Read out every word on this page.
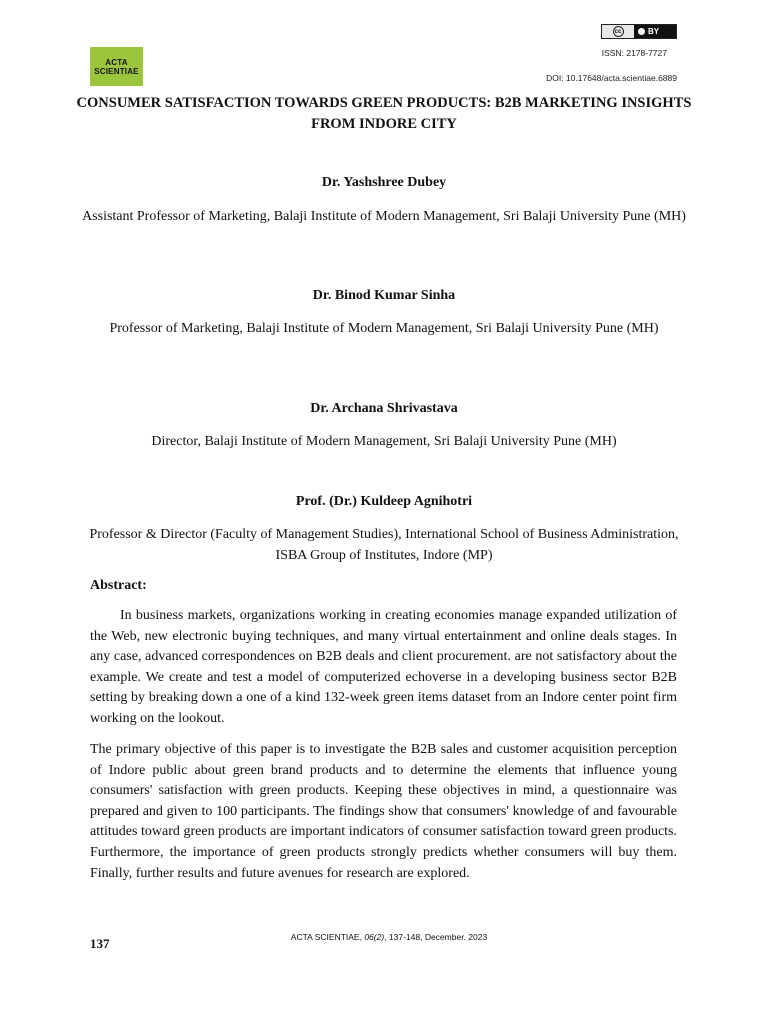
ACTA
SCIENTIAE
cc	BY
ISSN: 2178-7727
DOI: 10.17648/acta.scientiae.6889
CONSUMER SATISFACTION TOWARDS GREEN PRODUCTS: B2B MARKETING INSIGHTS FROM INDORE CITY
Dr. Yashshree Dubey
Assistant Professor of Marketing, Balaji Institute of Modern Management, Sri Balaji University Pune (MH)
Dr. Binod Kumar Sinha
Professor of Marketing, Balaji Institute of Modern Management, Sri Balaji University Pune (MH)
Dr. Archana Shrivastava
Director, Balaji Institute of Modern Management, Sri Balaji University Pune (MH)
Prof. (Dr.) Kuldeep Agnihotri
Professor & Director (Faculty of Management Studies), International School of Business Administration, ISBA Group of Institutes, Indore (MP)
Abstract:
In business markets, organizations working in creating economies manage expanded utilization of the Web, new electronic buying techniques, and many virtual entertainment and online deals stages. In any case, advanced correspondences on B2B deals and client procurement. are not satisfactory about the example. We create and test a model of computerized echoverse in a developing business sector B2B setting by breaking down a one of a kind 132-week green items dataset from an Indore center point firm working on the lookout.
The primary objective of this paper is to investigate the B2B sales and customer acquisition perception of Indore public about green brand products and to determine the elements that influence young consumers' satisfaction with green products. Keeping these objectives in mind, a questionnaire was prepared and given to 100 participants. The findings show that consumers' knowledge of and favourable attitudes toward green products are important indicators of consumer satisfaction toward green products. Furthermore, the importance of green products strongly predicts whether consumers will buy them. Finally, further results and future avenues for research are explored.
137	ACTA SCIENTIAE, 06(2), 137-148, December. 2023
